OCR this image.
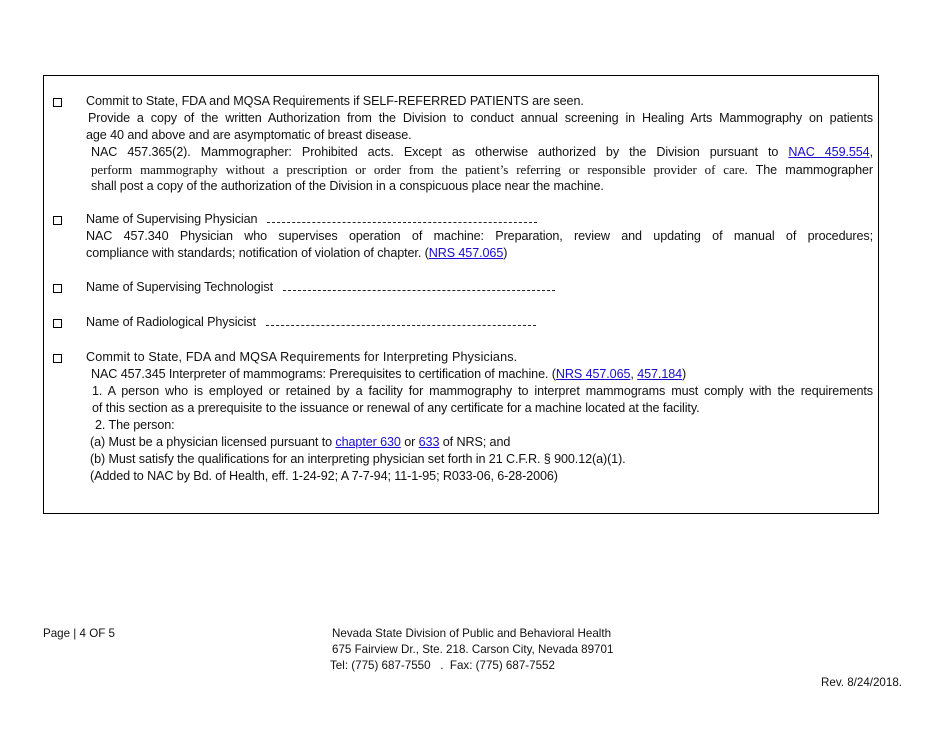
Commit to State, FDA and MQSA Requirements if SELF-REFERRED PATIENTS are seen.
Provide a copy of the written Authorization from the Division to conduct annual screening in Healing Arts Mammography on patients
age 40 and above and are asymptomatic of breast disease.
NAC 457.365(2). Mammographer: Prohibited acts. Except as otherwise authorized by the Division pursuant to NAC 459.554,
perform mammography without a prescription or order from the patient’s referring or responsible provider of care. The mammographer
shall post a copy of the authorization of the Division in a conspicuous place near the machine.
Name of Supervising Physician
NAC 457.340 Physician who supervises operation of machine: Preparation, review and updating of manual of procedures;
compliance with standards; notification of violation of chapter. (NRS 457.065)
Name of Supervising Technologist
Name of Radiological Physicist
Commit to State, FDA and MQSA Requirements for Interpreting Physicians.
NAC 457.345 Interpreter of mammograms: Prerequisites to certification of machine. (NRS 457.065, 457.184)
1. A person who is employed or retained by a facility for mammography to interpret mammograms must comply with the requirements
of this section as a prerequisite to the issuance or renewal of any certificate for a machine located at the facility.
2. The person:
(a) Must be a physician licensed pursuant to chapter 630 or 633 of NRS; and
(b) Must satisfy the qualifications for an interpreting physician set forth in 21 C.F.R. § 900.12(a)(1).
(Added to NAC by Bd. of Health, eff. 1-24-92; A 7-7-94; 11-1-95; R033-06, 6-28-2006)
Page | 4 OF 5	Nevada State Division of Public and Behavioral Health
675 Fairview Dr., Ste. 218. Carson City, Nevada 89701
Tel: (775) 687-7550   .  Fax: (775) 687-7552
Rev. 8/24/2018.
